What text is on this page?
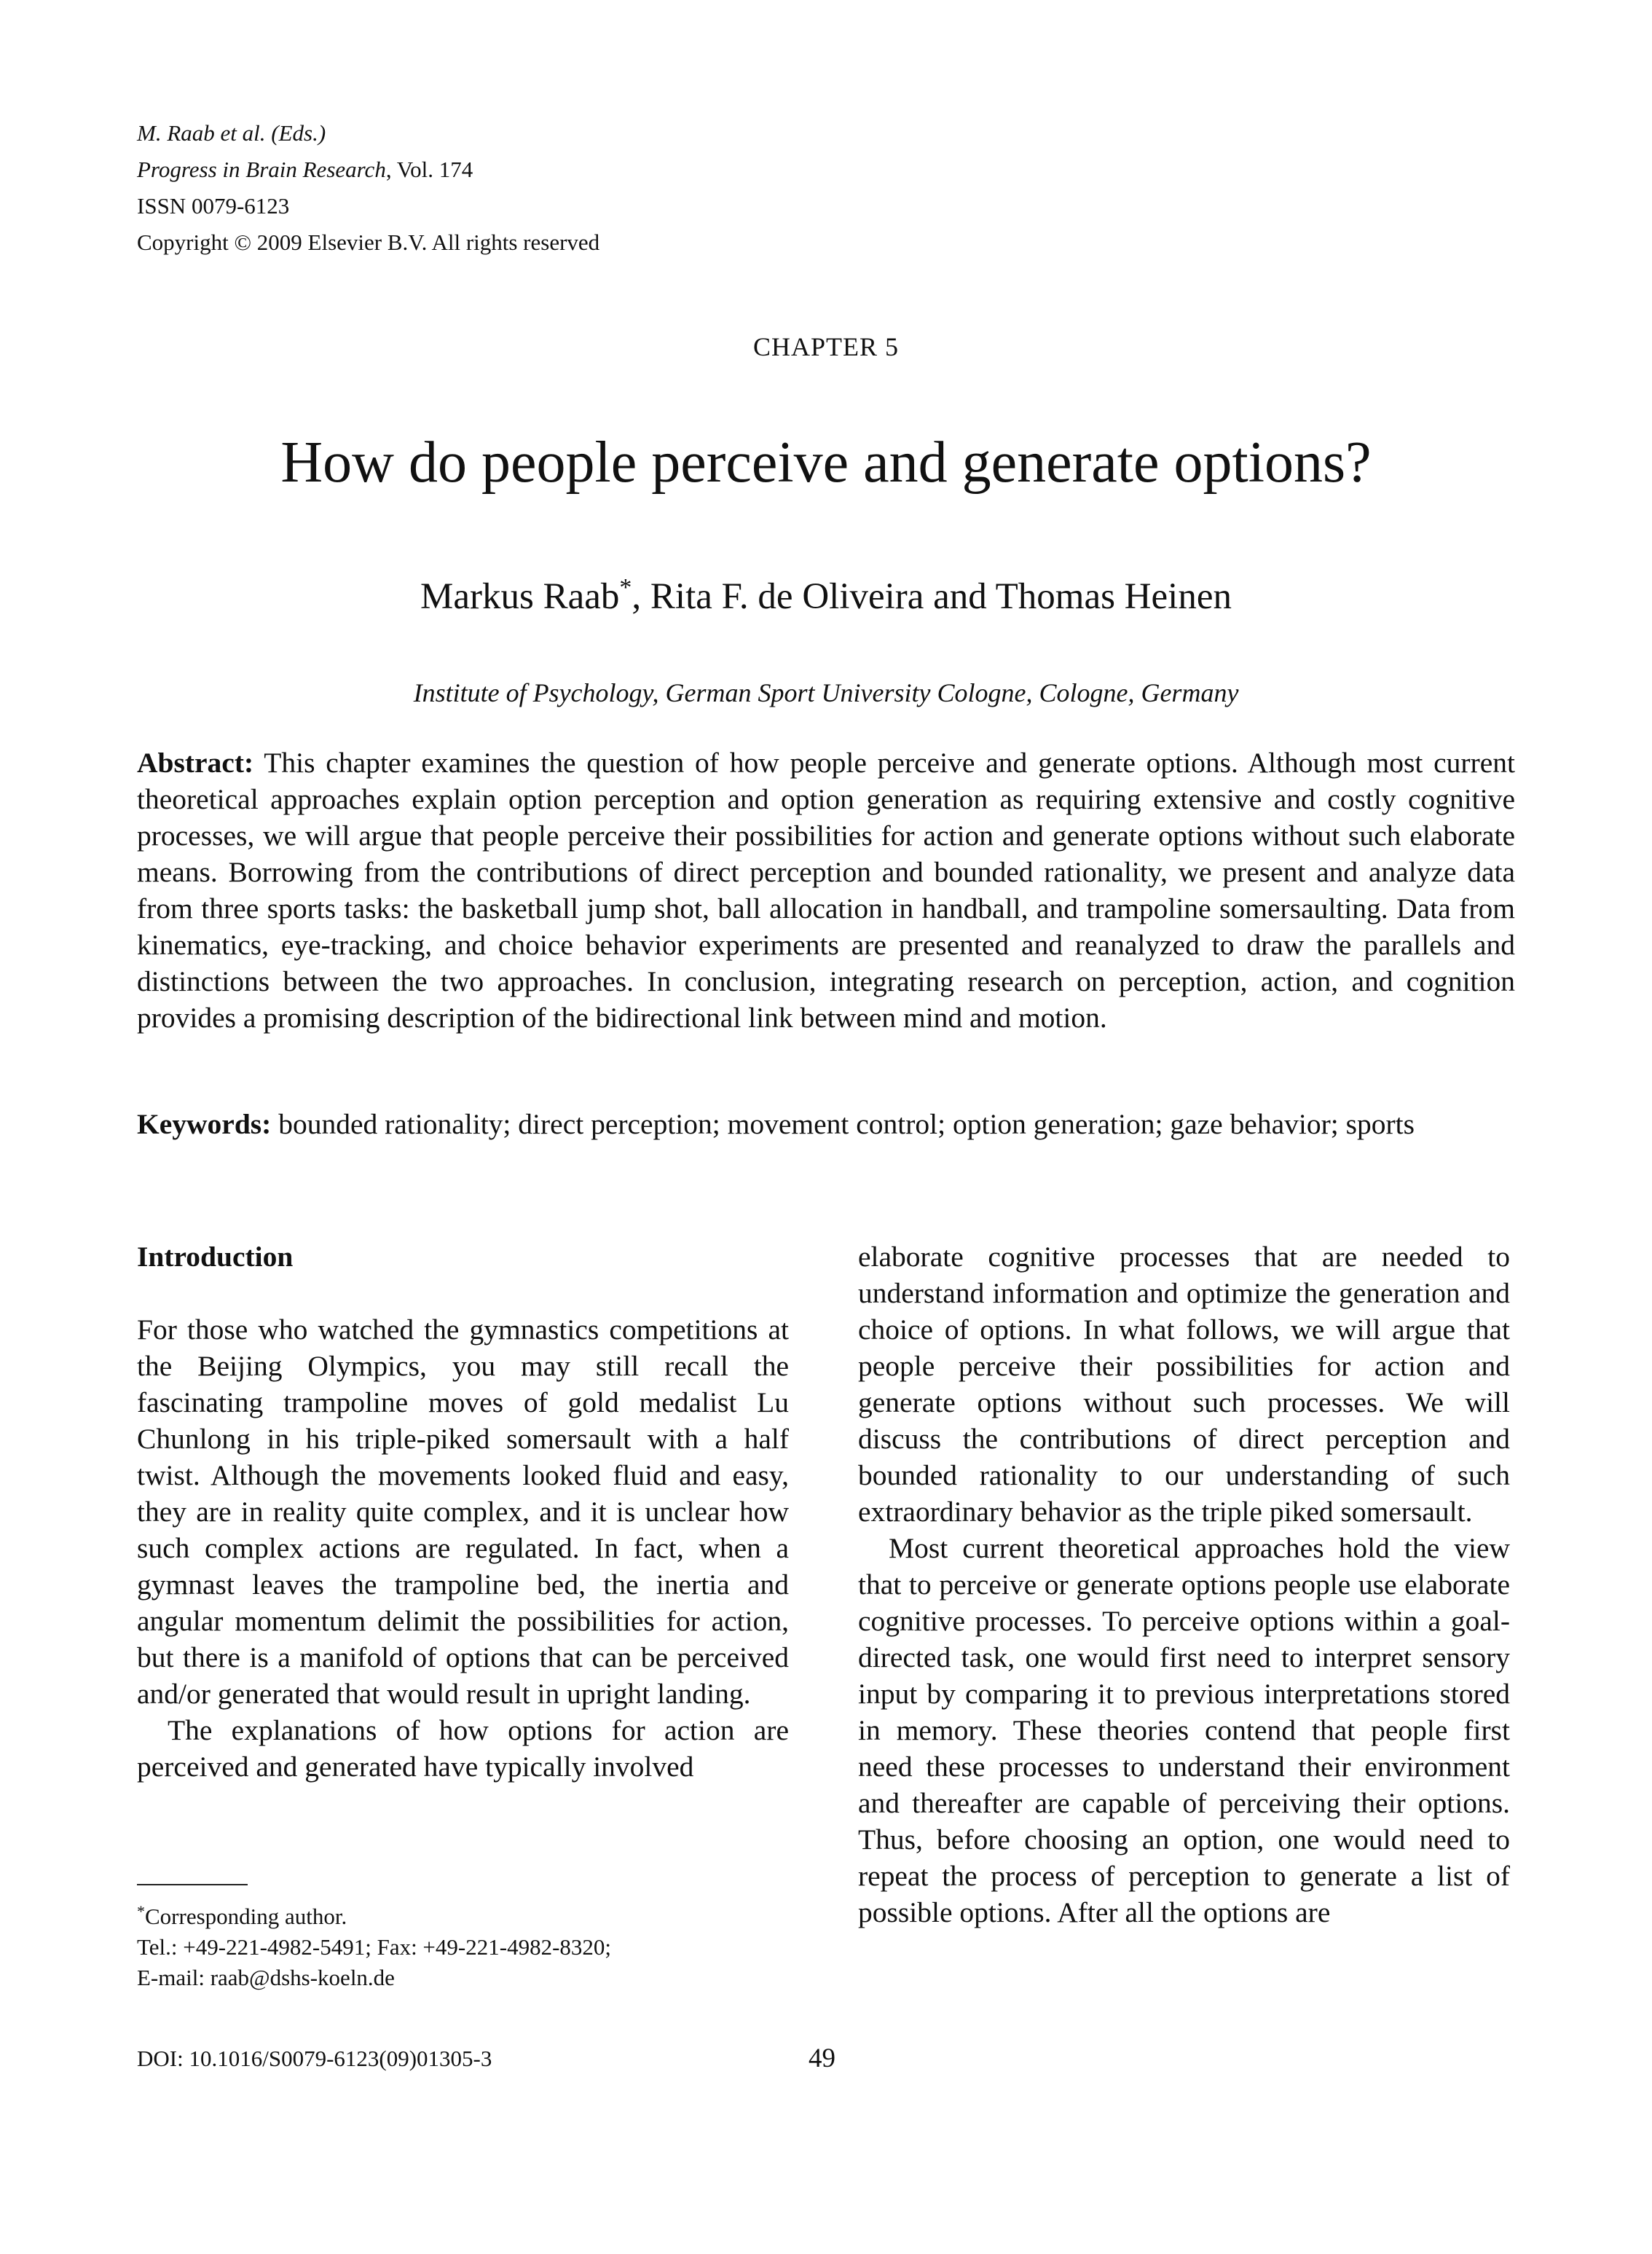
M. Raab et al. (Eds.)
Progress in Brain Research, Vol. 174
ISSN 0079-6123
Copyright © 2009 Elsevier B.V. All rights reserved
CHAPTER 5
How do people perceive and generate options?
Markus Raab*, Rita F. de Oliveira and Thomas Heinen
Institute of Psychology, German Sport University Cologne, Cologne, Germany
Abstract: This chapter examines the question of how people perceive and generate options. Although most current theoretical approaches explain option perception and option generation as requiring extensive and costly cognitive processes, we will argue that people perceive their possibilities for action and generate options without such elaborate means. Borrowing from the contributions of direct perception and bounded rationality, we present and analyze data from three sports tasks: the basketball jump shot, ball allocation in handball, and trampoline somersaulting. Data from kinematics, eye-tracking, and choice behavior experiments are presented and reanalyzed to draw the parallels and distinctions between the two approaches. In conclusion, integrating research on perception, action, and cognition provides a promising description of the bidirectional link between mind and motion.
Keywords: bounded rationality; direct perception; movement control; option generation; gaze behavior; sports
Introduction

For those who watched the gymnastics competitions at the Beijing Olympics, you may still recall the fascinating trampoline moves of gold medalist Lu Chunlong in his triple-piked somersault with a half twist. Although the movements looked fluid and easy, they are in reality quite complex, and it is unclear how such complex actions are regulated. In fact, when a gymnast leaves the trampoline bed, the inertia and angular momentum delimit the possibilities for action, but there is a manifold of options that can be perceived and/or generated that would result in upright landing.

The explanations of how options for action are perceived and generated have typically involved

elaborate cognitive processes that are needed to understand information and optimize the generation and choice of options. In what follows, we will argue that people perceive their possibilities for action and generate options without such processes. We will discuss the contributions of direct perception and bounded rationality to our understanding of such extraordinary behavior as the triple piked somersault.

Most current theoretical approaches hold the view that to perceive or generate options people use elaborate cognitive processes. To perceive options within a goal-directed task, one would first need to interpret sensory input by comparing it to previous interpretations stored in memory. These theories contend that people first need these processes to understand their environment and thereafter are capable of perceiving their options. Thus, before choosing an option, one would need to repeat the process of perception to generate a list of possible options. After all the options are

*Corresponding author.
Tel.: +49-221-4982-5491; Fax: +49-221-4982-8320;
E-mail: raab@dshs-koeln.de
DOI: 10.1016/S0079-6123(09)01305-3	49
